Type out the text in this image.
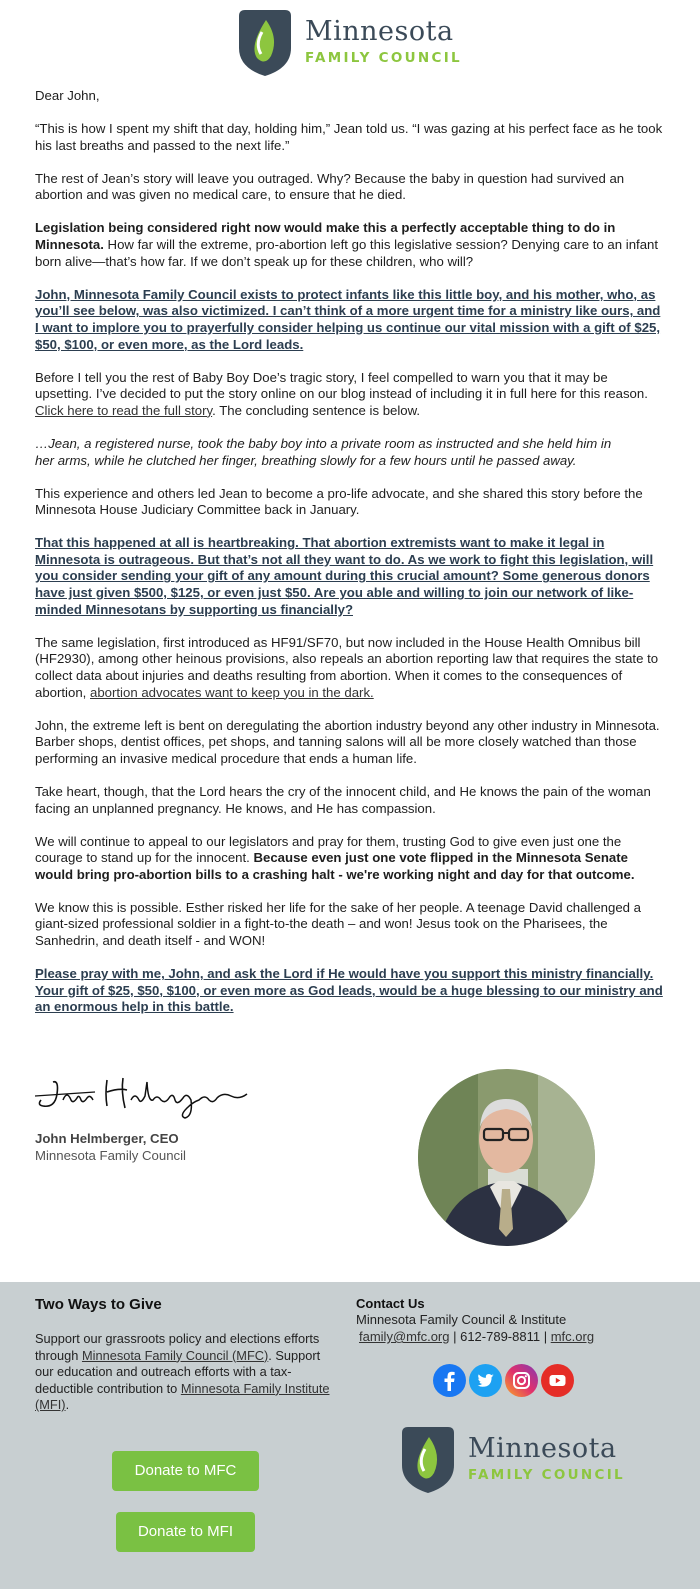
Minnesota
FAMILY COUNCIL

Dear John,

“This is how I spent my shift that day, holding him,” Jean told us. “I was gazing at his perfect face as he took his last breaths and passed to the next life.”

The rest of Jean’s story will leave you outraged. Why? Because the baby in question had survived an abortion and was given no medical care, to ensure that he died.

Legislation being considered right now would make this a perfectly acceptable thing to do in Minnesota. How far will the extreme, pro-abortion left go this legislative session? Denying care to an infant born alive—that’s how far. If we don’t speak up for these children, who will?

John, Minnesota Family Council exists to protect infants like this little boy, and his mother, who, as you’ll see below, was also victimized. I can’t think of a more urgent time for a ministry like ours, and I want to implore you to prayerfully consider helping us continue our vital mission with a gift of $25, $50, $100, or even more, as the Lord leads.

Before I tell you the rest of Baby Boy Doe’s tragic story, I feel compelled to warn you that it may be upsetting. I’ve decided to put the story online on our blog instead of including it in full here for this reason. Click here to read the full story. The concluding sentence is below.

…Jean, a registered nurse, took the baby boy into a private room as instructed and she held him in her arms, while he clutched her finger, breathing slowly for a few hours until he passed away.

This experience and others led Jean to become a pro-life advocate, and she shared this story before the Minnesota House Judiciary Committee back in January.

That this happened at all is heartbreaking. That abortion extremists want to make it legal in Minnesota is outrageous. But that’s not all they want to do. As we work to fight this legislation, will you consider sending your gift of any amount during this crucial amount? Some generous donors have just given $500, $125, or even just $50. Are you able and willing to join our network of like-minded Minnesotans by supporting us financially?

The same legislation, first introduced as HF91/SF70, but now included in the House Health Omnibus bill (HF2930), among other heinous provisions, also repeals an abortion reporting law that requires the state to collect data about injuries and deaths resulting from abortion. When it comes to the consequences of abortion, abortion advocates want to keep you in the dark.

John, the extreme left is bent on deregulating the abortion industry beyond any other industry in Minnesota. Barber shops, dentist offices, pet shops, and tanning salons will all be more closely watched than those performing an invasive medical procedure that ends a human life.

Take heart, though, that the Lord hears the cry of the innocent child, and He knows the pain of the woman facing an unplanned pregnancy. He knows, and He has compassion.

We will continue to appeal to our legislators and pray for them, trusting God to give even just one the courage to stand up for the innocent. Because even just one vote flipped in the Minnesota Senate would bring pro-abortion bills to a crashing halt - we're working night and day for that outcome.

We know this is possible. Esther risked her life for the sake of her people. A teenage David challenged a giant-sized professional soldier in a fight-to-the death – and won! Jesus took on the Pharisees, the Sanhedrin, and death itself - and WON!

Please pray with me, John, and ask the Lord if He would have you support this ministry financially. Your gift of $25, $50, $100, or even more as God leads, would be a huge blessing to our ministry and an enormous help in this battle.

John Helmberger, CEO
Minnesota Family Council
Two Ways to Give
Support our grassroots policy and elections efforts through Minnesota Family Council (MFC). Support our education and outreach efforts with a tax-deductible contribution to Minnesota Family Institute (MFI).
Donate to MFC
Donate to MFI
Contact Us
Minnesota Family Council & Institute
family@mfc.org | 612-789-8811 | mfc.org
Minnesota
FAMILY COUNCIL
